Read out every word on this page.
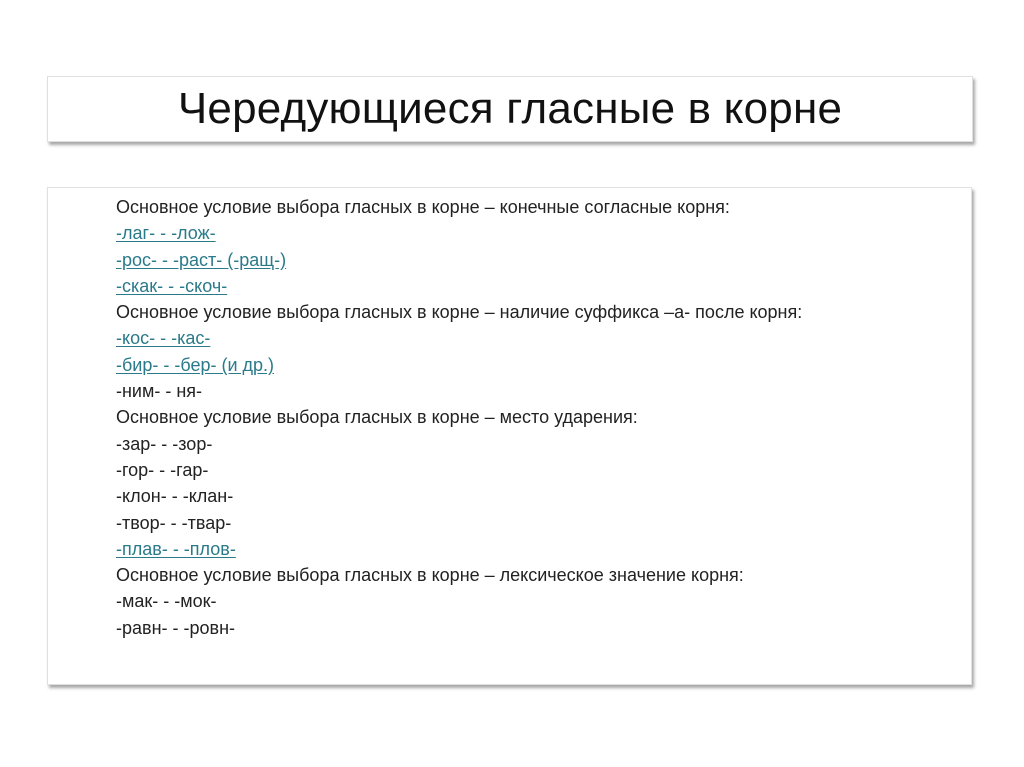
Чередующиеся гласные в корне
Основное условие выбора гласных в корне – конечные согласные корня:
-лаг- - -лож-
-рос- - -раст- (-ращ-)
-скак- - -скоч-
Основное условие выбора гласных в корне – наличие суффикса –а- после корня:
-кос- - -кас-
-бир- - -бер- (и др.)
-ним- - ня-
Основное условие выбора гласных в корне – место ударения:
-зар- - -зор-
-гор- - -гар-
-клон- - -клан-
-твор- - -твар-
-плав- - -плов-
Основное условие выбора гласных в корне – лексическое значение корня:
-мак- - -мок-
-равн- - -ровн-
